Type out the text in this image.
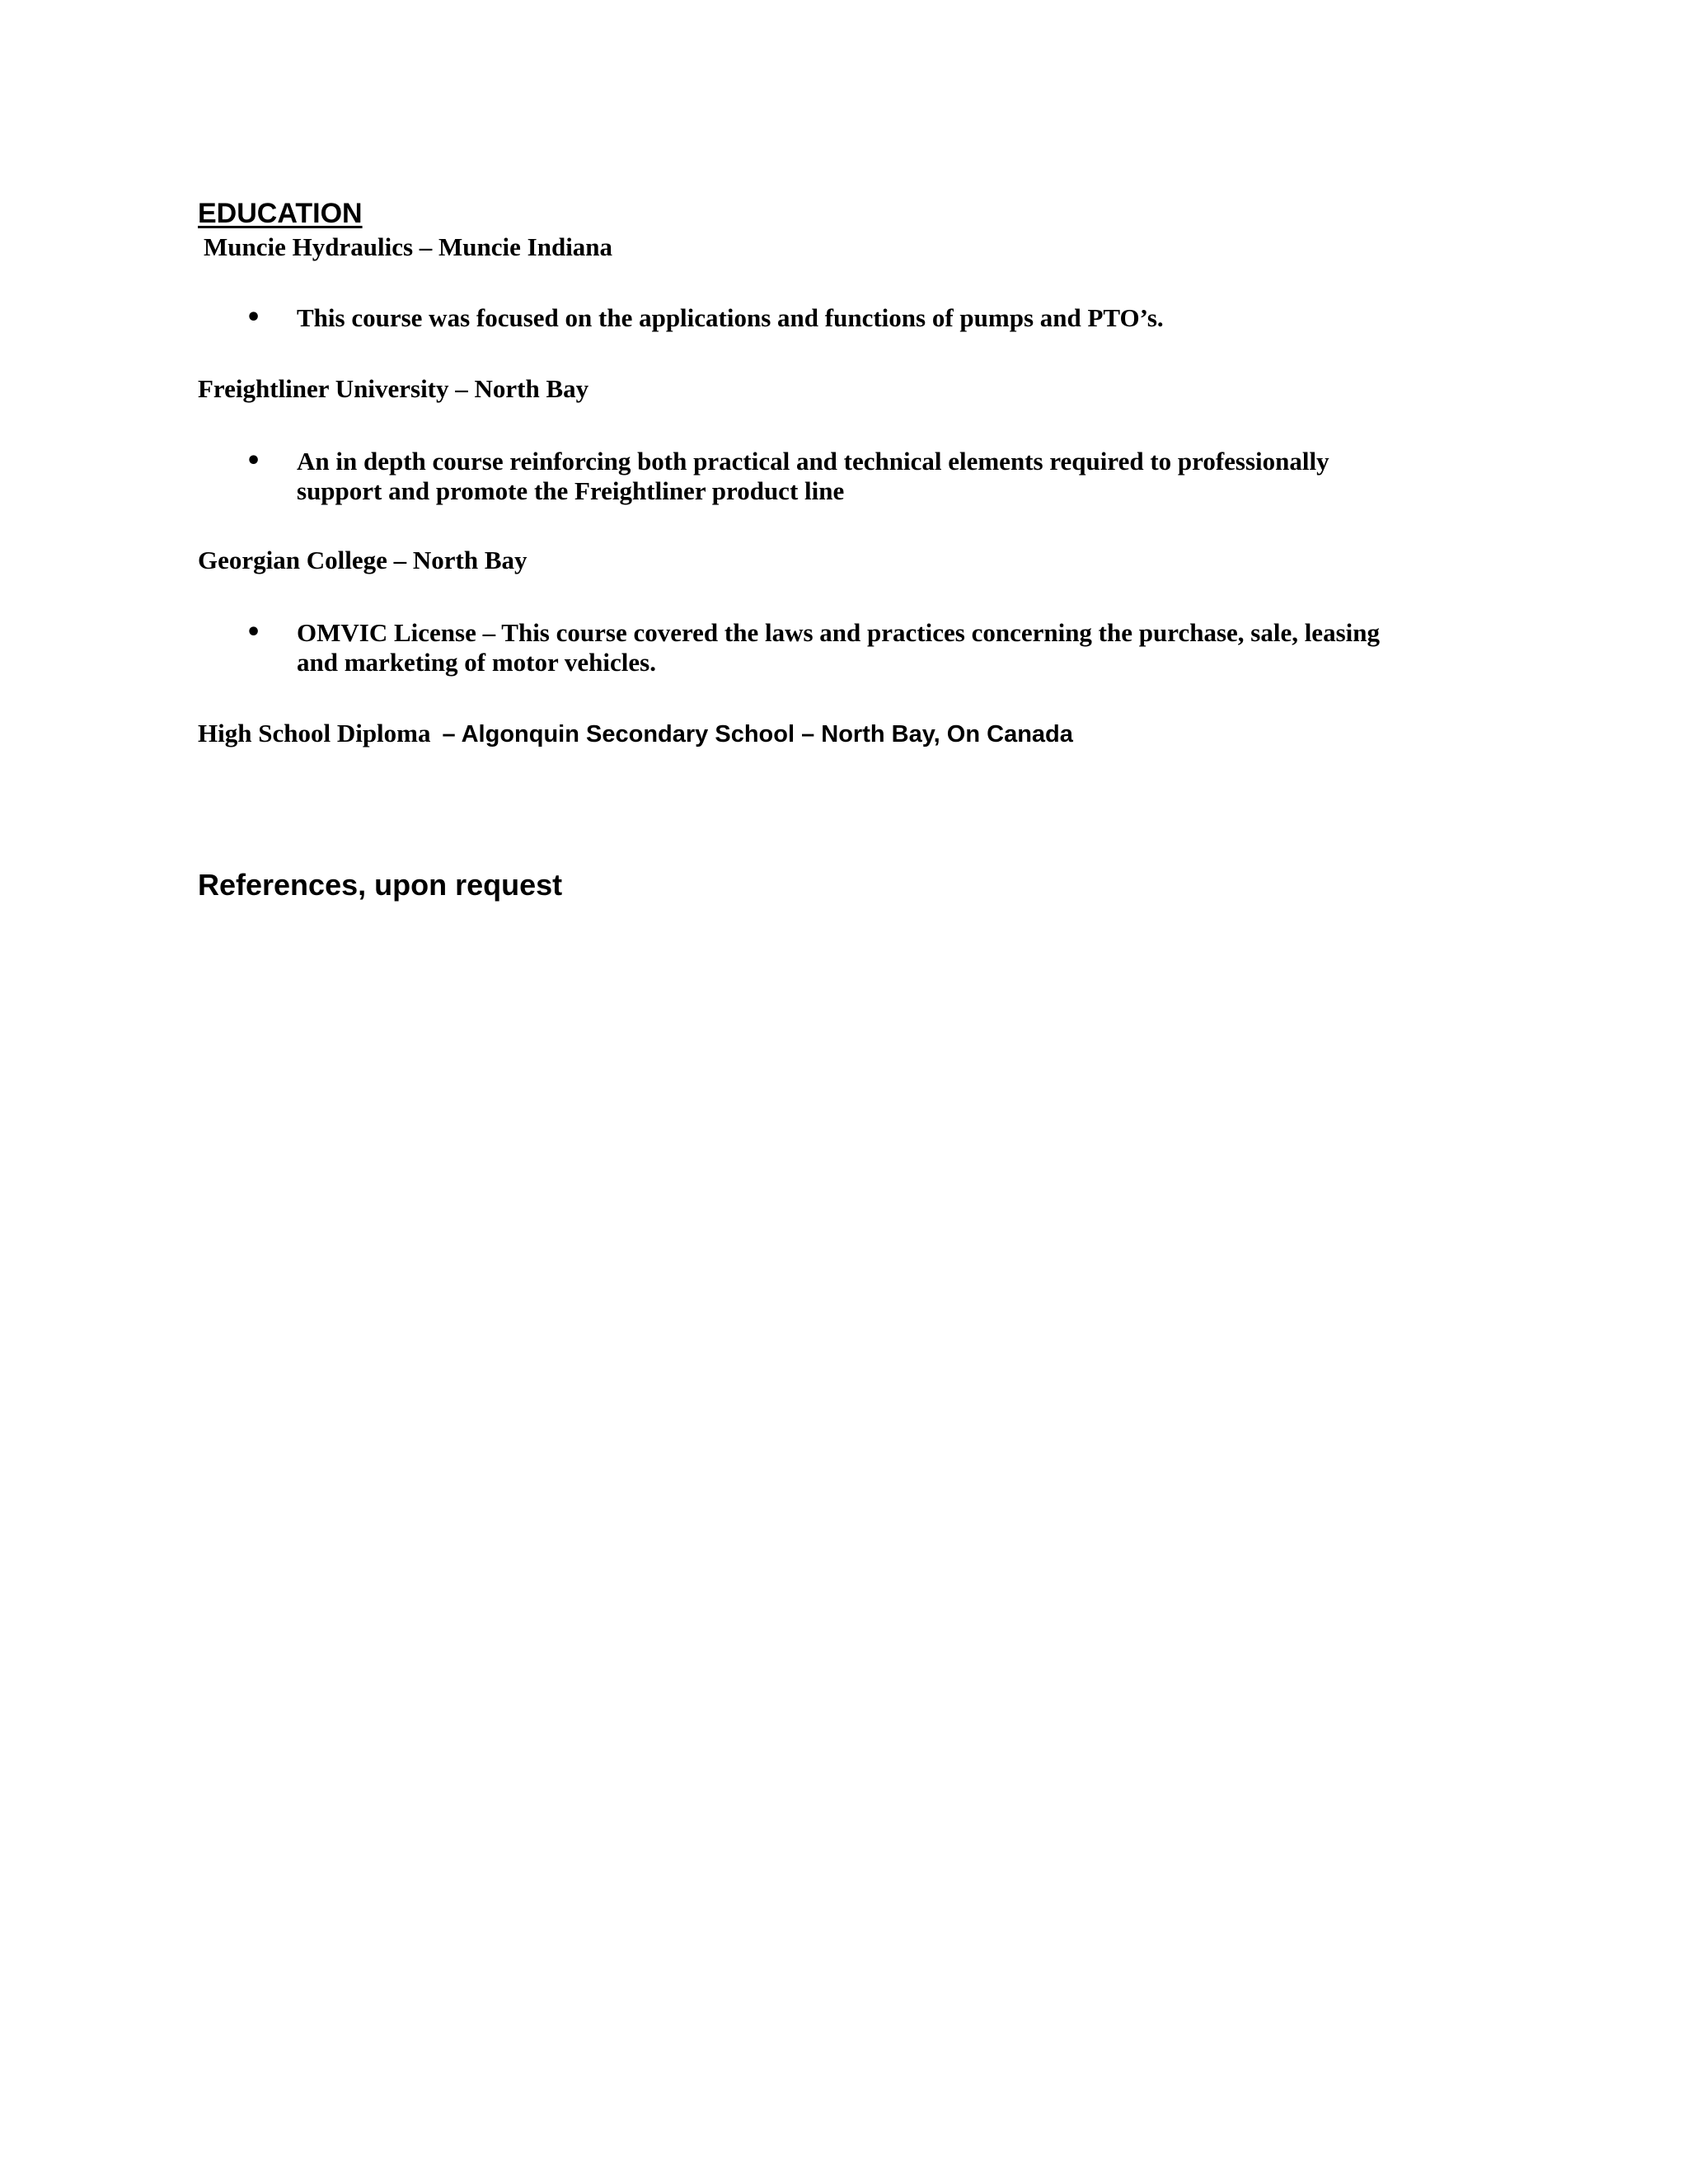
EDUCATION

Muncie Hydraulics – Muncie Indiana

•	This course was focused on the applications and functions of pumps and PTO’s.

Freightliner University – North Bay

•	An in depth course reinforcing both practical and technical elements required to professionally
support and promote the Freightliner product line

Georgian College – North Bay

•	OMVIC License – This course covered the laws and practices concerning the purchase, sale, leasing
and marketing of motor vehicles.

High School Diploma – Algonquin Secondary School – North Bay, On Canada

References, upon request
